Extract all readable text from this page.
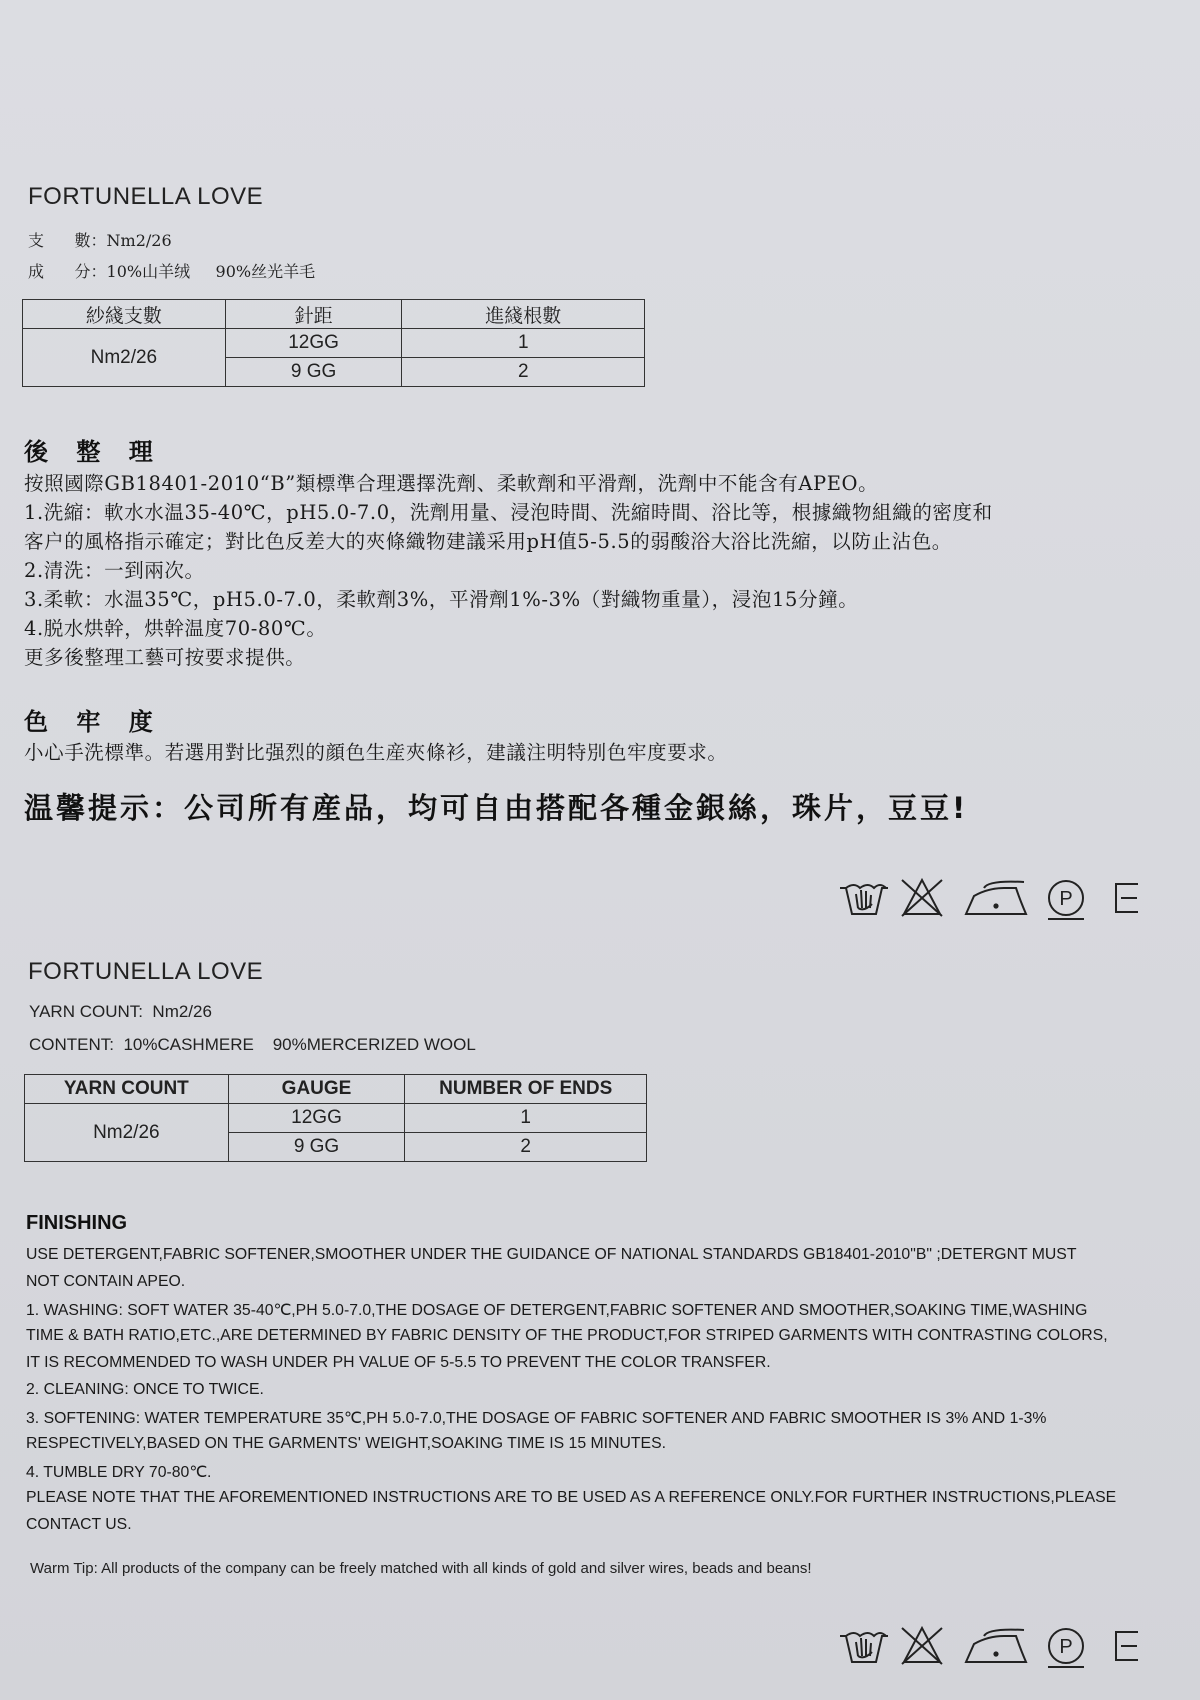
FORTUNELLA LOVE
支      數：Nm2/26
成      分：10%山羊绒     90%丝光羊毛
紗綫支數	針距	進綫根數
Nm2/26	12GG	1
	9 GG	2
後 整 理
按照國際GB18401-2010“B”類標準合理選擇洗劑、柔軟劑和平滑劑，洗劑中不能含有APEO。
1.洗縮：軟水水温35-40℃，pH5.0-7.0，洗劑用量、浸泡時間、洗縮時間、浴比等，根據織物組織的密度和
客户的風格指示確定；對比色反差大的夾條織物建議采用pH值5-5.5的弱酸浴大浴比洗縮，以防止沾色。
2.清洗：一到兩次。
3.柔軟：水温35℃，pH5.0-7.0，柔軟劑3%，平滑劑1%-3%（對織物重量），浸泡15分鐘。
4.脱水烘幹，烘幹温度70-80℃。
更多後整理工藝可按要求提供。
色 牢 度
小心手洗標準。若選用對比强烈的顔色生産夾條衫，建議注明特別色牢度要求。
温馨提示：公司所有産品，均可自由搭配各種金銀絲，珠片，豆豆!
P
FORTUNELLA LOVE
YARN COUNT:  Nm2/26
CONTENT:  10%CASHMERE    90%MERCERIZED WOOL
YARN COUNT	GAUGE	NUMBER OF ENDS
Nm2/26	12GG	1
	9 GG	2
FINISHING
USE DETERGENT,FABRIC SOFTENER,SMOOTHER UNDER THE GUIDANCE OF NATIONAL STANDARDS GB18401-2010"B" ;DETERGNT MUST
NOT CONTAIN APEO.
1. WASHING: SOFT WATER 35-40℃,PH 5.0-7.0,THE DOSAGE OF DETERGENT,FABRIC SOFTENER AND SMOOTHER,SOAKING TIME,WASHING
TIME & BATH RATIO,ETC.,ARE DETERMINED BY FABRIC DENSITY OF THE PRODUCT,FOR STRIPED GARMENTS WITH CONTRASTING COLORS,
IT IS RECOMMENDED TO WASH UNDER PH VALUE OF 5-5.5 TO PREVENT THE COLOR TRANSFER.
2. CLEANING: ONCE TO TWICE.
3. SOFTENING: WATER TEMPERATURE 35℃,PH 5.0-7.0,THE DOSAGE OF FABRIC SOFTENER AND FABRIC SMOOTHER IS 3% AND 1-3%
RESPECTIVELY,BASED ON THE GARMENTS' WEIGHT,SOAKING TIME IS 15 MINUTES.
4. TUMBLE DRY 70-80℃.
PLEASE NOTE THAT THE AFOREMENTIONED INSTRUCTIONS ARE TO BE USED AS A REFERENCE ONLY.FOR FURTHER INSTRUCTIONS,PLEASE
CONTACT US.
Warm Tip: All products of the company can be freely matched with all kinds of gold and silver wires, beads and beans!
P
